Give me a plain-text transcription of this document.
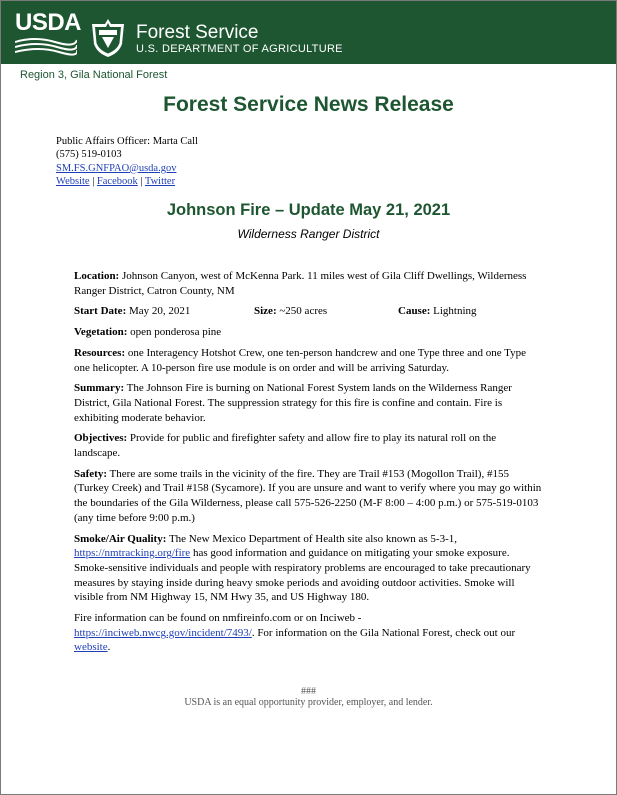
USDA	Forest Service
U.S. DEPARTMENT OF AGRICULTURE
Region 3, Gila National Forest
Forest Service News Release
Public Affairs Officer: Marta Call
(575) 519-0103
SM.FS.GNFPAO@usda.gov
Website | Facebook | Twitter
Johnson Fire – Update May 21, 2021
Wilderness Ranger District

Location: Johnson Canyon, west of McKenna Park. 11 miles west of Gila Cliff Dwellings, Wilderness Ranger District, Catron County, NM

Start Date: May 20, 2021	Size: ~250 acres	Cause: Lightning

Vegetation: open ponderosa pine

Resources: one Interagency Hotshot Crew, one ten-person handcrew and one Type three and one Type one helicopter. A 10-person fire use module is on order and will be arriving Saturday.

Summary: The Johnson Fire is burning on National Forest System lands on the Wilderness Ranger District, Gila National Forest. The suppression strategy for this fire is confine and contain. Fire is exhibiting moderate behavior.

Objectives: Provide for public and firefighter safety and allow fire to play its natural roll on the landscape.

Safety: There are some trails in the vicinity of the fire. They are Trail #153 (Mogollon Trail), #155 (Turkey Creek) and Trail #158 (Sycamore). If you are unsure and want to verify where you may go within the boundaries of the Gila Wilderness, please call 575-526-2250 (M-F 8:00 – 4:00 p.m.) or 575-519-0103 (any time before 9:00 p.m.)

Smoke/Air Quality: The New Mexico Department of Health site also known as 5-3-1, https://nmtracking.org/fire has good information and guidance on mitigating your smoke exposure. Smoke-sensitive individuals and people with respiratory problems are encouraged to take precautionary measures by staying inside during heavy smoke periods and avoiding outdoor activities. Smoke will visible from NM Highway 15, NM Hwy 35, and US Highway 180.

Fire information can be found on nmfireinfo.com or on Inciweb - https://inciweb.nwcg.gov/incident/7493/. For information on the Gila National Forest, check out our website.

###
USDA is an equal opportunity provider, employer, and lender.
